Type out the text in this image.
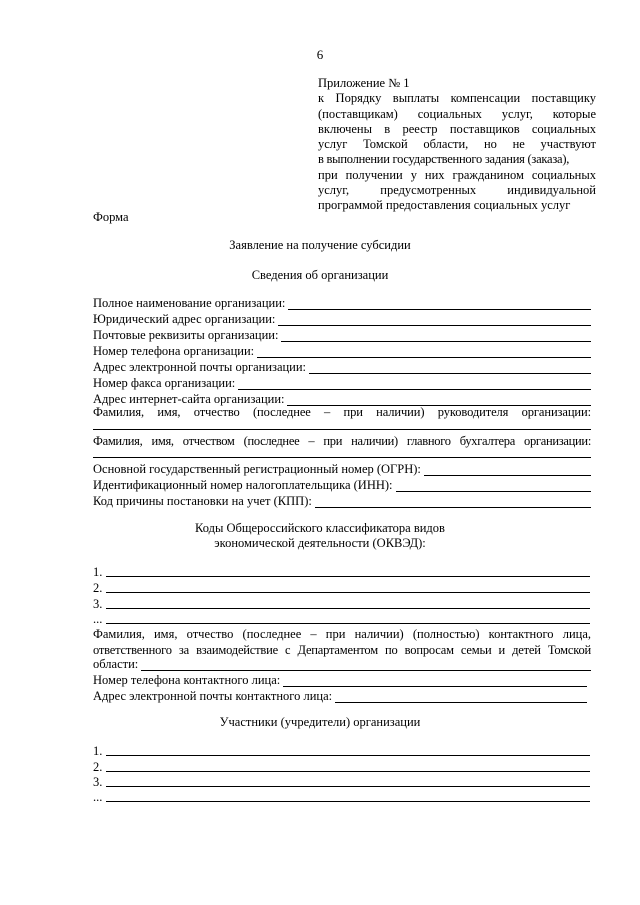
6
Приложение № 1
к Порядку выплаты компенсации поставщику
(поставщикам) социальных услуг, которые
включены в реестр поставщиков социальных
услуг Томской области, но не участвуют
в выполнении государственного задания (заказа),
при получении у них гражданином социальных
услуг, предусмотренных индивидуальной
программой предоставления социальных услуг
Форма
Заявление на получение субсидии
Сведения об организации
Полное наименование организации:
Юридический адрес организации:
Почтовые реквизиты организации:
Номер телефона организации:
Адрес электронной почты организации:
Номер факса организации:
Адрес интернет-сайта организации:
Фамилия, имя, отчество (последнее – при наличии) руководителя организации:
Фамилия, имя, отчеством (последнее – при наличии) главного бухгалтера организации:
Основной государственный регистрационный номер (ОГРН):
Идентификационный номер налогоплательщика (ИНН):
Код причины постановки на учет (КПП):
Коды Общероссийского классификатора видов
экономической деятельности (ОКВЭД):
1.
2.
3.
...
Фамилия, имя, отчество (последнее – при наличии) (полностью) контактного лица,
ответственного за взаимодействие с Департаментом по вопросам семьи и детей Томской
области:
Номер телефона контактного лица:
Адрес электронной почты контактного лица:
Участники (учредители) организации
1.
2.
3.
...
